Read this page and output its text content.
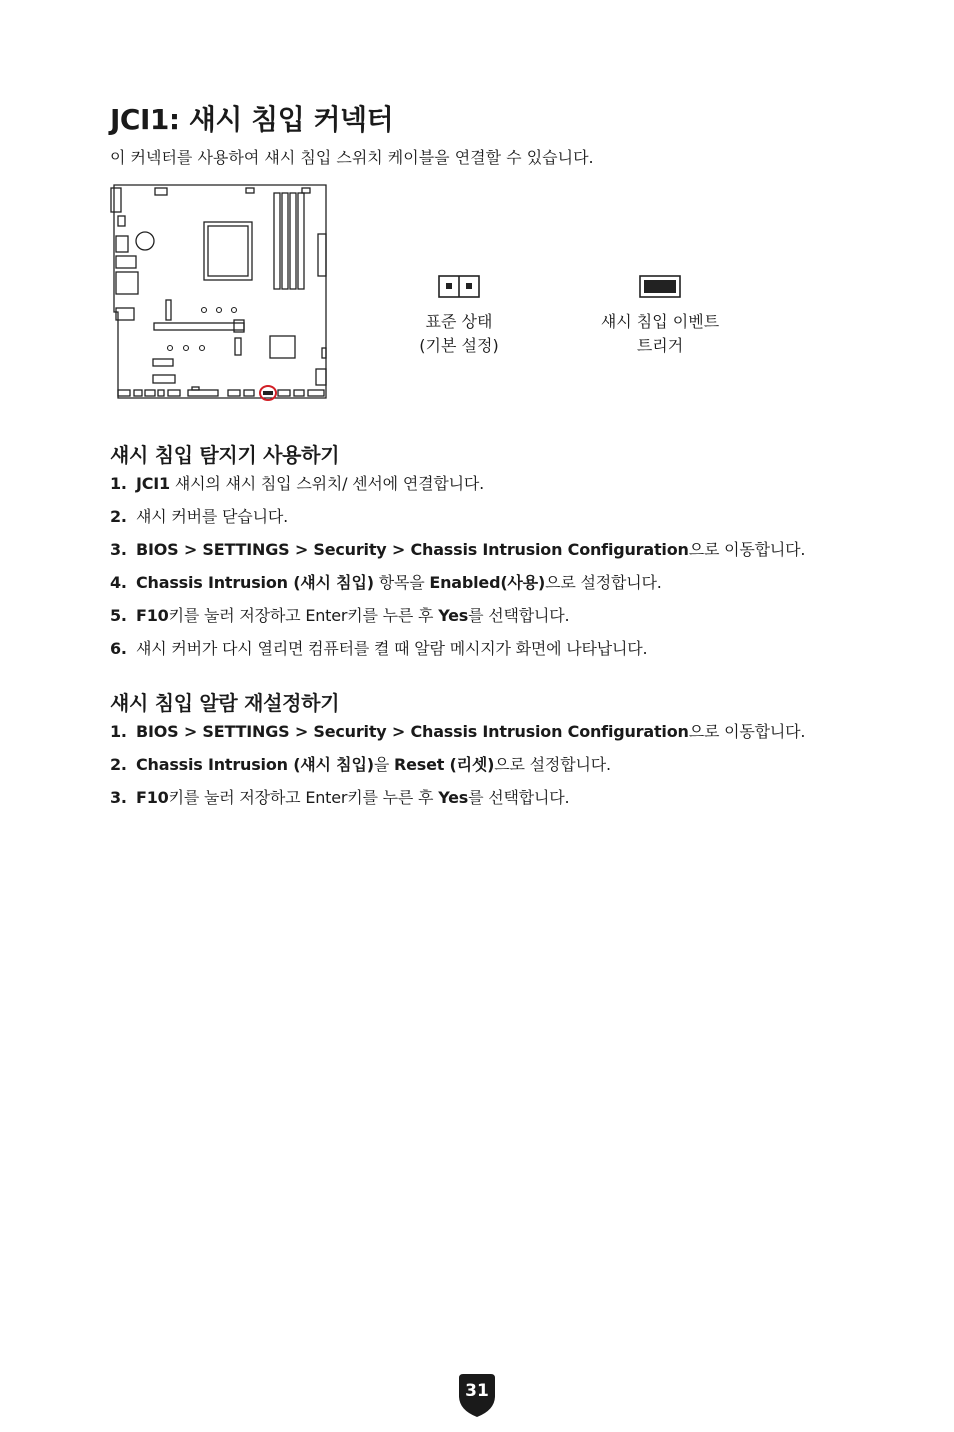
JCI1: 섀시 침입 커넥터
이 커넥터를 사용하여 섀시 침입 스위치 케이블을 연결할 수 있습니다.
표준 상태
(기본 설정)
섀시 침입 이벤트
트리거
섀시 침입 탐지기 사용하기
1. JCI1 섀시의 섀시 침입 스위치/ 센서에 연결합니다.
2. 섀시 커버를 닫습니다.
3. BIOS > SETTINGS > Security > Chassis Intrusion Configuration으로 이동합니다.
4. Chassis Intrusion (섀시 침입) 항목을 Enabled(사용)으로 설정합니다.
5. F10키를 눌러 저장하고 Enter키를 누른 후 Yes를 선택합니다.
6. 섀시 커버가 다시 열리면 컴퓨터를 켤 때 알람 메시지가 화면에 나타납니다.
섀시 침입 알람 재설정하기
1. BIOS > SETTINGS > Security > Chassis Intrusion Configuration으로 이동합니다.
2. Chassis Intrusion (섀시 침입)을 Reset (리셋)으로 설정합니다.
3. F10키를 눌러 저장하고 Enter키를 누른 후 Yes를 선택합니다.
31
